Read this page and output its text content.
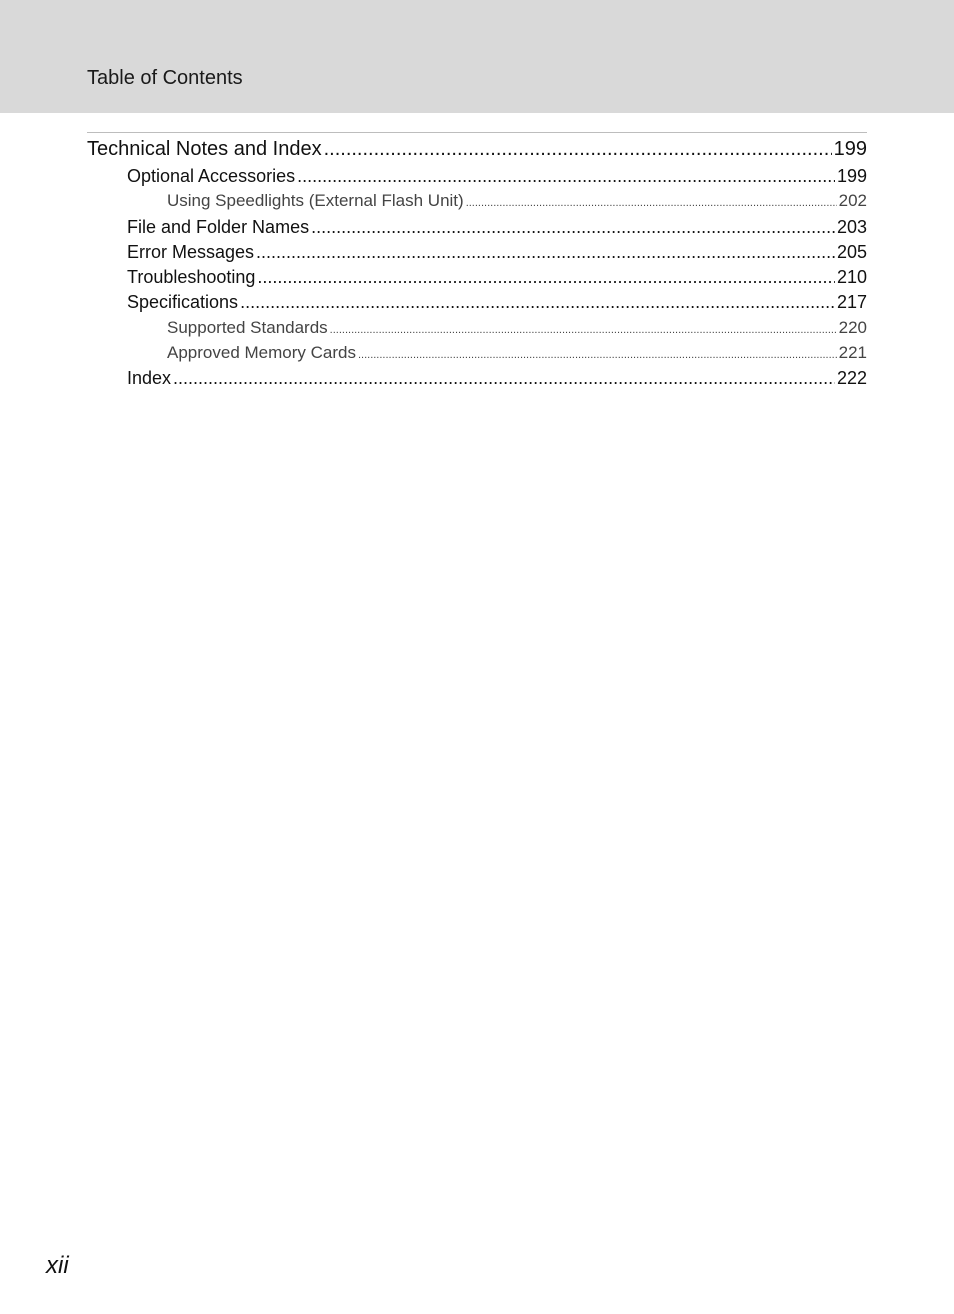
Table of Contents
Technical Notes and Index .....	199
Optional Accessories .....	199
Using Speedlights (External Flash Unit) .....	202
File and Folder Names .....	203
Error Messages .....	205
Troubleshooting .....	210
Specifications .....	217
Supported Standards .....	220
Approved Memory Cards .....	221
Index .....	222
xii
